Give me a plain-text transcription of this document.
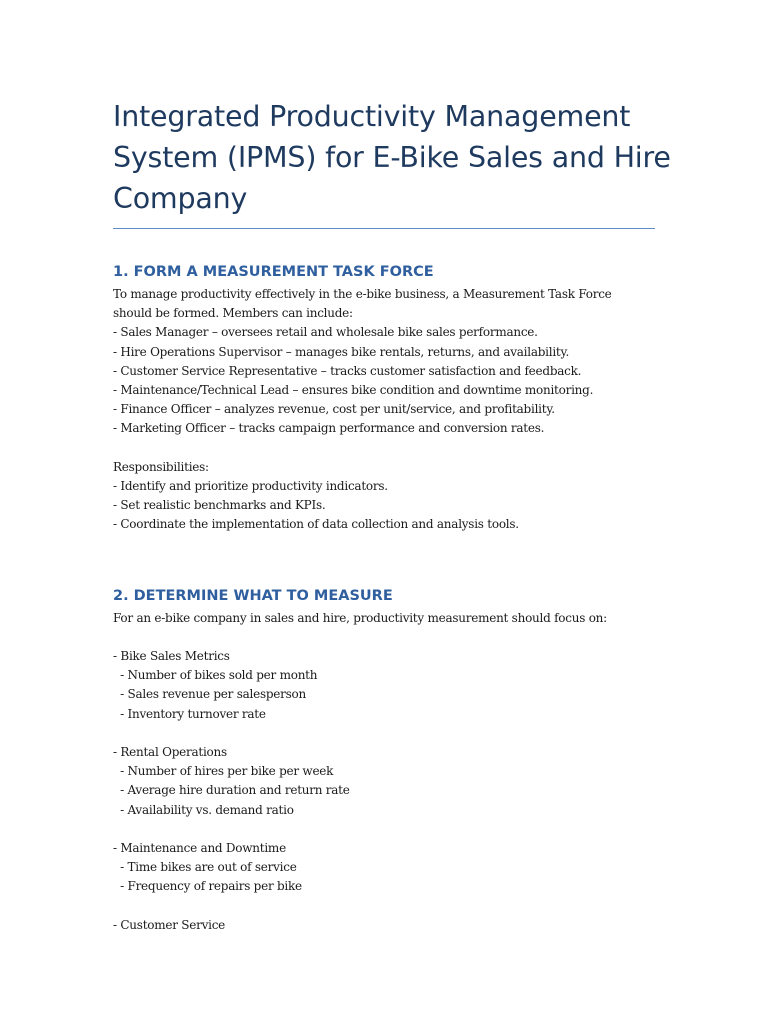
Integrated Productivity Management
System (IPMS) for E-Bike Sales and Hire
Company
1. FORM A MEASUREMENT TASK FORCE
To manage productivity effectively in the e-bike business, a Measurement Task Force
should be formed. Members can include:
- Sales Manager – oversees retail and wholesale bike sales performance.
- Hire Operations Supervisor – manages bike rentals, returns, and availability.
- Customer Service Representative – tracks customer satisfaction and feedback.
- Maintenance/Technical Lead – ensures bike condition and downtime monitoring.
- Finance Officer – analyzes revenue, cost per unit/service, and profitability.
- Marketing Officer – tracks campaign performance and conversion rates.
Responsibilities:
- Identify and prioritize productivity indicators.
- Set realistic benchmarks and KPIs.
- Coordinate the implementation of data collection and analysis tools.
2. DETERMINE WHAT TO MEASURE
For an e-bike company in sales and hire, productivity measurement should focus on:
- Bike Sales Metrics
- Number of bikes sold per month
- Sales revenue per salesperson
- Inventory turnover rate
- Rental Operations
- Number of hires per bike per week
- Average hire duration and return rate
- Availability vs. demand ratio
- Maintenance and Downtime
- Time bikes are out of service
- Frequency of repairs per bike
- Customer Service
